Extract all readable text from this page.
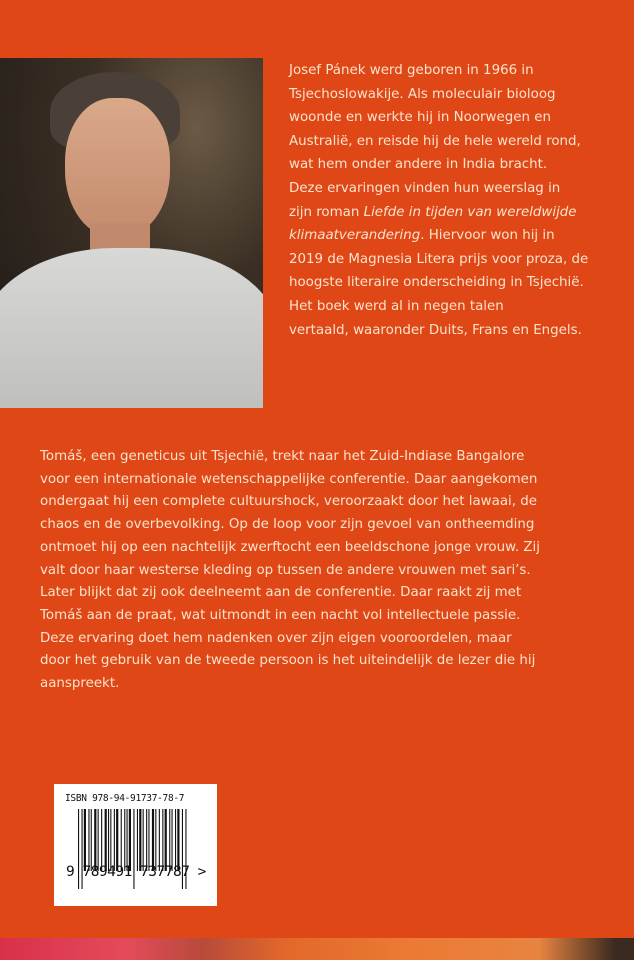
Josef Pánek werd geboren in 1966 in
Tsjechoslowakije. Als moleculair bioloog
woonde en werkte hij in Noorwegen en
Australië, en reisde hij de hele wereld rond,
wat hem onder andere in India bracht.
Deze ervaringen vinden hun weerslag in
zijn roman Liefde in tijden van wereldwijde
klimaatverandering. Hiervoor won hij in
2019 de Magnesia Litera prijs voor proza, de
hoogste literaire onderscheiding in Tsjechië.
Het boek werd al in negen talen
vertaald, waaronder Duits, Frans en Engels.
Tomáš, een geneticus uit Tsjechië, trekt naar het Zuid-Indiase Bangalore
voor een internationale wetenschappelijke conferentie. Daar aangekomen
ondergaat hij een complete cultuurshock, veroorzaakt door het lawaai, de
chaos en de overbevolking. Op de loop voor zijn gevoel van ontheemding
ontmoet hij op een nachtelijk zwerftocht een beeldschone jonge vrouw. Zij
valt door haar westerse kleding op tussen de andere vrouwen met sari’s.
Later blijkt dat zij ook deelneemt aan de conferentie. Daar raakt zij met
Tomáš aan de praat, wat uitmondt in een nacht vol intellectuele passie.
Deze ervaring doet hem nadenken over zijn eigen vooroordelen, maar
door het gebruik van de tweede persoon is het uiteindelijk de lezer die hij
aanspreekt.
ISBN 978-94-91737-78-7
9 789491 737787 >
